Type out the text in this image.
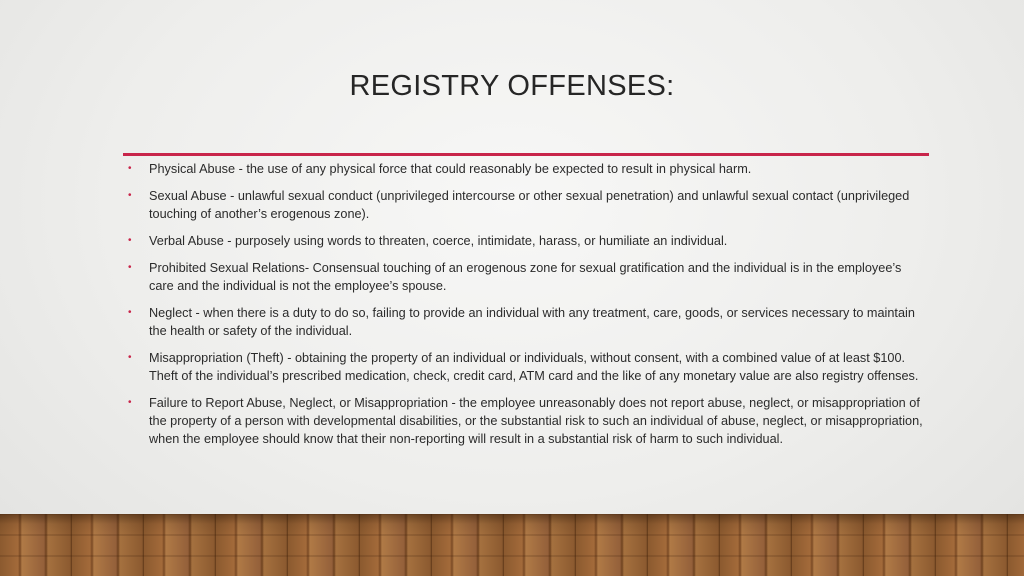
REGISTRY OFFENSES:
• Physical Abuse - the use of any physical force that could reasonably be expected to result in physical harm.
• Sexual Abuse - unlawful sexual conduct (unprivileged intercourse or other sexual penetration) and unlawful sexual contact (unprivileged touching of another’s erogenous zone).
• Verbal Abuse - purposely using words to threaten, coerce, intimidate, harass, or humiliate an individual.
• Prohibited Sexual Relations- Consensual touching of an erogenous zone for sexual gratification and the individual is in the employee’s care and the individual is not the employee’s spouse.
• Neglect - when there is a duty to do so, failing to provide an individual with any treatment, care, goods, or services necessary to maintain the health or safety of the individual.
• Misappropriation (Theft) - obtaining the property of an individual or individuals, without consent, with a combined value of at least $100. Theft of the individual’s prescribed medication, check, credit card, ATM card and the like of any monetary value are also registry offenses.
• Failure to Report Abuse, Neglect, or Misappropriation - the employee unreasonably does not report abuse, neglect, or misappropriation of the property of a person with developmental disabilities, or the substantial risk to such an individual of abuse, neglect, or misappropriation, when the employee should know that their non-reporting will result in a substantial risk of harm to such individual.
